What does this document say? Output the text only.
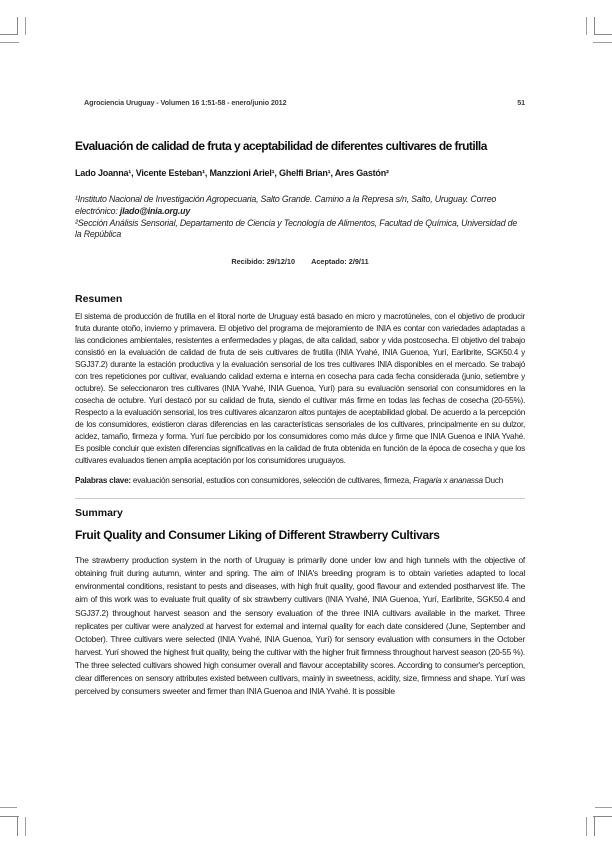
Agrociencia Uruguay - Volumen 16 1:51-58 - enero/junio 2012	51
Evaluación de calidad de fruta y aceptabilidad de diferentes cultivares de frutilla
Lado Joanna¹, Vicente Esteban¹, Manzzioni Ariel¹, Ghelfi Brian¹, Ares Gastón²

¹Instituto Nacional de Investigación Agropecuaria, Salto Grande. Camino a la Represa s/n, Salto, Uruguay. Correo electrónico: jlado@inia.org.uy

²Sección Análisis Sensorial, Departamento de Ciencia y Tecnología de Alimentos, Facultad de Química, Universidad de la República

Recibido: 29/12/10 Aceptado: 2/9/11
Resumen
El sistema de producción de frutilla en el litoral norte de Uruguay está basado en micro y macrotúneles, con el objetivo de producir fruta durante otoño, invierno y primavera. El objetivo del programa de mejoramiento de INIA es contar con variedades adaptadas a las condiciones ambientales, resistentes a enfermedades y plagas, de alta calidad, sabor y vida postcosecha. El objetivo del trabajo consistió en la evaluación de calidad de fruta de seis cultivares de frutilla (INIA Yvahé, INIA Guenoa, Yurí, Earlibrite, SGK50.4 y SGJ37.2) durante la estación productiva y la evaluación sensorial de los tres cultivares INIA disponibles en el mercado. Se trabajó con tres repeticiones por cultivar, evaluando calidad externa e interna en cosecha para cada fecha considerada (junio, setiembre y octubre). Se seleccionaron tres cultivares (INIA Yvahé, INIA Guenoa, Yurí) para su evaluación sensorial con consumidores en la cosecha de octubre. Yurí destacó por su calidad de fruta, siendo el cultivar más firme en todas las fechas de cosecha (20-55%). Respecto a la evaluación sensorial, los tres cultivares alcanzaron altos puntajes de aceptabilidad global. De acuerdo a la percepción de los consumidores, existieron claras diferencias en las características sensoriales de los cultivares, principalmente en su dulzor, acidez, tamaño, firmeza y forma. Yurí fue percibido por los consumidores como más dulce y firme que INIA Guenoa e INIA Yvahé. Es posible concluir que existen diferencias significativas en la calidad de fruta obtenida en función de la época de cosecha y que los cultivares evaluados tienen amplia aceptación por los consumidores uruguayos.
Palabras clave: evaluación sensorial, estudios con consumidores, selección de cultivares, firmeza, Fragaria x ananassa Duch
Summary
Fruit Quality and Consumer Liking of Different Strawberry Cultivars
The strawberry production system in the north of Uruguay is primarily done under low and high tunnels with the objective of obtaining fruit during autumn, winter and spring. The aim of INIA's breeding program is to obtain varieties adapted to local environmental conditions, resistant to pests and diseases, with high fruit quality, good flavour and extended postharvest life. The aim of this work was to evaluate fruit quality of six strawberry cultivars (INIA Yvahé, INIA Guenoa, Yurí, Earlibrite, SGK50.4 and SGJ37.2) throughout harvest season and the sensory evaluation of the three INIA cultivars available in the market. Three replicates per cultivar were analyzed at harvest for external and internal quality for each date considered (June, September and October). Three cultivars were selected (INIA Yvahé, INIA Guenoa, Yurí) for sensory evaluation with consumers in the October harvest. Yurí showed the highest fruit quality, being the cultivar with the higher fruit firmness throughout harvest season (20-55 %). The three selected cultivars showed high consumer overall and flavour acceptability scores. According to consumer's perception, clear differences on sensory attributes existed between cultivars, mainly in sweetness, acidity, size, firmness and shape. Yurí was perceived by consumers sweeter and firmer than INIA Guenoa and INIA Yvahé. It is possible
